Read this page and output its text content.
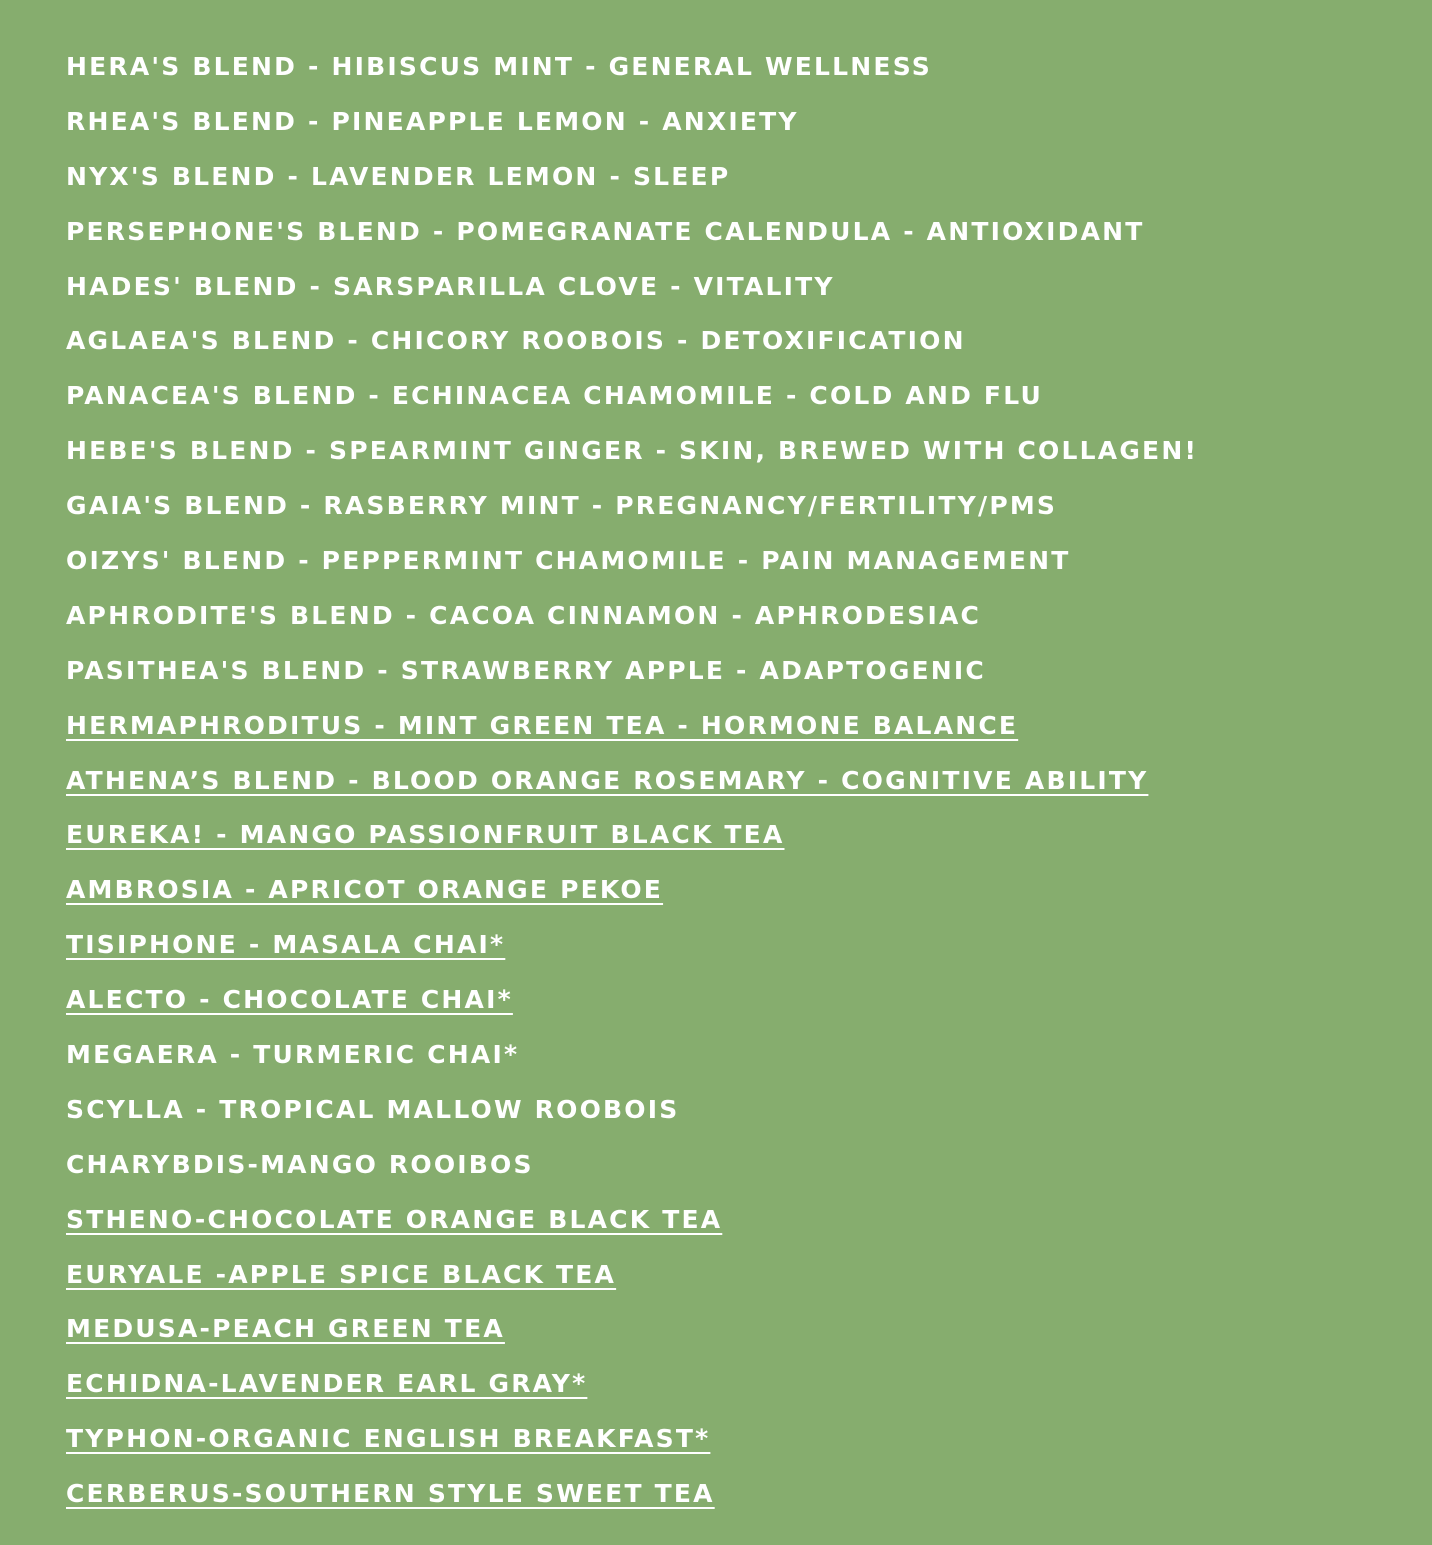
HERA'S BLEND - HIBISCUS MINT - GENERAL WELLNESS
RHEA'S BLEND - PINEAPPLE LEMON - ANXIETY
NYX'S BLEND - LAVENDER LEMON - SLEEP
PERSEPHONE'S BLEND - POMEGRANATE CALENDULA - ANTIOXIDANT
HADES' BLEND - SARSPARILLA CLOVE - VITALITY
AGLAEA'S BLEND - CHICORY ROOBOIS - DETOXIFICATION
PANACEA'S BLEND - ECHINACEA CHAMOMILE - COLD AND FLU
HEBE'S BLEND - SPEARMINT GINGER - SKIN, BREWED WITH COLLAGEN!
GAIA'S BLEND - RASBERRY MINT - PREGNANCY/FERTILITY/PMS
OIZYS' BLEND - PEPPERMINT CHAMOMILE - PAIN MANAGEMENT
APHRODITE'S BLEND - CACOA CINNAMON - APHRODESIAC
PASITHEA'S BLEND - STRAWBERRY APPLE - ADAPTOGENIC
HERMAPHRODITUS - MINT GREEN TEA - HORMONE BALANCE
ATHENA’S BLEND - BLOOD ORANGE ROSEMARY - COGNITIVE ABILITY
EUREKA! - MANGO PASSIONFRUIT BLACK TEA
AMBROSIA - APRICOT ORANGE PEKOE
TISIPHONE - MASALA CHAI*
ALECTO - CHOCOLATE CHAI*
MEGAERA - TURMERIC CHAI*
SCYLLA - TROPICAL MALLOW ROOBOIS
CHARYBDIS-MANGO ROOIBOS
STHENO-CHOCOLATE ORANGE BLACK TEA
EURYALE -APPLE SPICE BLACK TEA
MEDUSA-PEACH GREEN TEA
ECHIDNA-LAVENDER EARL GRAY*
TYPHON-ORGANIC ENGLISH BREAKFAST*
CERBERUS-SOUTHERN STYLE SWEET TEA
